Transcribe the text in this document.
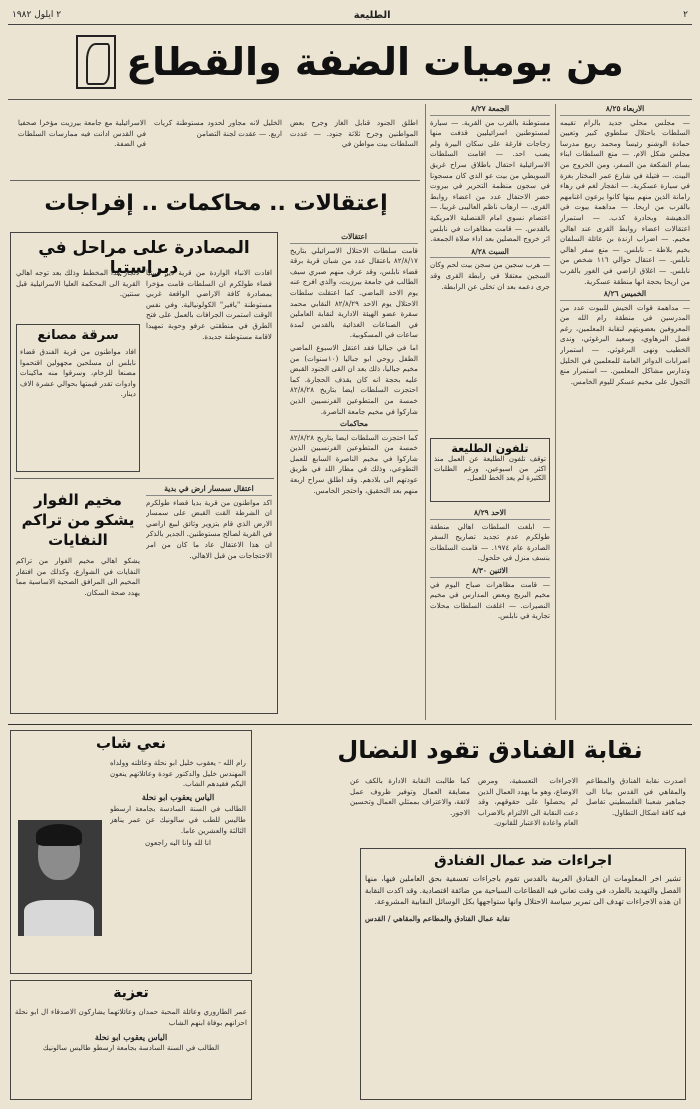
٢
الطليعة
٢ ايلول ١٩٨٢
من يوميات الضفة والقطاع
الاربعاء ٨/٢٥

— مجلس محلي جديد بالرام تقيمه السلطات باحتلال سلطوي كبير وتعيين حمادة الوشنو رئيسا ومحمد ربيع مدرسا مجلس شكل الام. — منع السلطات ابناء بسام الشكعة من السفر، ومن الخروج من البيت. — فتيلة في شارع عمر المختار بغزة في سيارة عسكرية. — انفجار لغم في رهاء رامانة الذين منهم بينها كانوا يرعون اغنامهم بالقرب من اريحا. — مداهمة بيوت في الدهيشة وبحادرة كذب. — استمرار اعتقالات اعضاء روابط القرى عند اهالي مخيم. — اضراب ارندة بن عائلة السلفان بخيم بلاطة – نابلس. — منع سفر اهالي نابلس. — اعتقال حوالي ١١٦ شخص من نابلس. — اغلاق اراضي في الغور بالقرب من اريحا بحجة انها منطقة عسكرية.

الخميس ٨/٢٦

— مداهمة قوات الجيش للبيوت عدد من المدرسين في منطقة رام الله من المعروفين بعضويتهم لنقابة المعلمين، رغم فضل البرهاوي، وسعيد البرغوثي، وندى الخطيب ونهى البرغوثي. — استمرار اضرابات الدوائر العامة للمعلمين في الخليل وتدارس مشاكل المعلمين. — استمرار منع التجول على مخيم عسكر لليوم الخامس.

الجمعة ٨/٢٧

مستوطنة بالقرب من القرية. — سيارة لمستوطنين اسرائيليين قذفت منها زجاجات فارغة على سكان البيرة ولم يصب احد. — اقامت السلطات الاسرائيلية احتفال باطلاق سراح غريق السويطي من بيت عو الذي كان مسجونا في سجون منظمة التحرير في بيروت حضر الاحتفال عدد من اعضاء روابط القرى. — ارهاب ناظم العاليبى غريبا. — اعتصام نسوي امام القنصلية الامريكية بالقدس. — قامت مظاهرات في نابلس اثر خروج المصلين بعد اداء صلاة الجمعة.

السبت ٨/٢٨

— هرب سجين من سجن بيت لحم وكان السجين معتقلا في رابطة القرى وقد جرى دعمه بعد ان تخلى عن الرابطة.

اطلق الجنود قنابل الغاز وجرح بعض المواطنين وجرح ثلاثة جنود. — عددت السلطات بيت مواطن في

الخليل لانه مجاور لحدود مستوطنة كريات اربع. — عقدت لجنة التضامن

الاسرائيلية مع جامعة بيرزيت مؤخرا صحفيا في القدس ادانت فيه ممارسات السلطات في الضفة.

إعتقالات .. محاكمات .. إفراجات
اعتقالات

قامت سلطات الاحتلال الاسرائيلي بتاريخ ٨٢/٨/١٧ باعتقال عدد من شبان قرية برقة قضاء نابلس، وقد عرف منهم صبري سيف الطالب في جامعة بيرزيت، والذي افرج عنه يوم الاحد الماضي. كما اعتقلت سلطات الاحتلال يوم الاحد ٨٢/٨/٢٩ النقابي محمد سقرة عضو الهيئة الادارية لنقابة العاملين في الصناعات الغذائية بالقدس لمدة ساعات في المسكوبية.

اما في جباليا فقد اعتقل الاسبوع الماضي الطفل روحي ابو جباليا (١٠سنوات) من مخيم جباليا، ذلك بعد ان القى الجنود القبض عليه بحجة انه كان يقذف الحجارة. كما احتجزت السلطات ايضا بتاريخ ٨٢/٨/٢٨ خمسة من المتطوعين الفرنسيين الذين شاركوا في مخيم جامعة الناصرة.

محاكمات

كما احتجزت السلطات ايضا بتاريخ ٨٢/٨/٢٨ خمسة من المتطوعين الفرنسيين الذين شاركوا في مخيم الناصرة السابع للعمل التطوعي، وذلك في مطار اللد في طريق عودتهم الى بلادهم. وقد اطلق سراح اربعة منهم بعد التحقيق، واحتجز الخامس.

تلفون الطليعة
توقف تلفون الطليعة عن العمل منذ اكثر من اسبوعين، ورغم الطلبات الكثيرة لم يعد الخط للعمل.
الاحد ٨/٢٩

— ابلغت السلطات اهالي منطقة طولكرم عدم تجديد تصاريح السفر الصادرة عام ١٩٧٤. — قامت السلطات بنسف منزل في حلحول.

الاثنين ٨/٣٠

— قامت مظاهرات صباح اليوم في مخيم البريج وبعض المدارس في مخيم النصيرات. — اغلقت السلطات محلات تجارية في نابلس.

المصادرة على مراحل في ديراستيا

افادت الانباء الواردة من قرية دير استيا قضاء طولكرم ان السلطات قامت مؤخرا بمصادرة كافة الاراضي الواقعة غربي مستوطنة "يافير" الكولونيالية. وفي نفس الوقت استمرت الجرافات بالعمل على فتح الطرق في منطقتي عرفو وحوبة تمهيدا لاقامة مستوطنة جديدة.

لانجاز هذا المخطط وذلك بعد توجه اهالي القرية الى المحكمة العليا الاسرائيلية قبل سنتين.

سرقة مصانع
افاد مواطنون من قرية الفندق قضاء نابلس ان مسلحين مجهولين اقتحموا مصنعا للرخام، وسرقوا منه ماكينات وادوات تقدر قيمتها بحوالي عشرة الاف دينار.
اعتقال سمسار ارض في بدية

اكد مواطنون من قرية بديا قضاء طولكرم ان الشرطة القت القبض على سمسار الارض الذي قام بتزوير وثائق لبيع اراضي في القرية لصالح مستوطنين. الجدير بالذكر ان هذا الاعتقال عاد ما كان من امر الاحتجاجات من قبل الاهالي.

مخيم الفوار يشكو من تراكم النفايات

يشكو اهالي مخيم الفوار من تراكم النفايات في الشوارع، وكذلك من افتقار المخيم الى المرافق الصحية الاساسية مما يهدد صحة السكان.

نقابة الفنادق تقود النضال

اصدرت نقابة الفنادق والمطاعم والمقاهي في القدس بيانا الى جماهير شعبنا الفلسطيني تفاصل فيه كافة اشكال التطاول.

الاجراءات التعسفية، ومرض الاوضاع، وهو ما يهدد العمال الذين لم يحصلوا على حقوقهم، وقد دعت النقابة الى الالتزام بالاضراب العام واعادة الاعتبار للقانون.

كما طالبت النقابة الادارة بالكف عن مضايقة العمال وتوفير ظروف عمل لائقة، والاعتراف بممثلي العمال وتحسين الاجور.

اجراءات ضد عمال الفنادق
تشير اخر المعلومات ان الفنادق العربية بالقدس تقوم باجراءات تعسفية بحق العاملين فيها، منها الفصل والتهديد بالطرد، في وقت تعاني فيه القطاعات السياحية من ضائقة اقتصادية. وقد اكدت النقابة ان هذه الاجراءات تهدف الى تمرير سياسة الاحتلال وانها ستواجهها بكل الوسائل النقابية المشروعة.
نقابة عمال الفنادق والمطاعم والمقاهي / القدس
نعي شاب

رام الله - يعقوب خليل ابو نحلة وعائلته وولداه المهندس خليل والدكتور عودة وعائلاتهم ينعون اليكم فقيدهم الشاب.

الياس يعقوب ابو نحلة

الطالب في السنة السادسة بجامعة ارسطو طاليس للطب في سالونيك عن عمر يناهز الثالثة والعشرين عاما.

انا لله وانا اليه راجعون

تعزية
عمر الطاروري وعائلة المحبة حمدان وعائلاتهما يشاركون الاصدقاء ال ابو نحلة احزانهم بوفاة ابنهم الشاب
الياس يعقوب ابو نحلة
الطالب في السنة السادسة بجامعة ارسطو طاليس سالونيك
